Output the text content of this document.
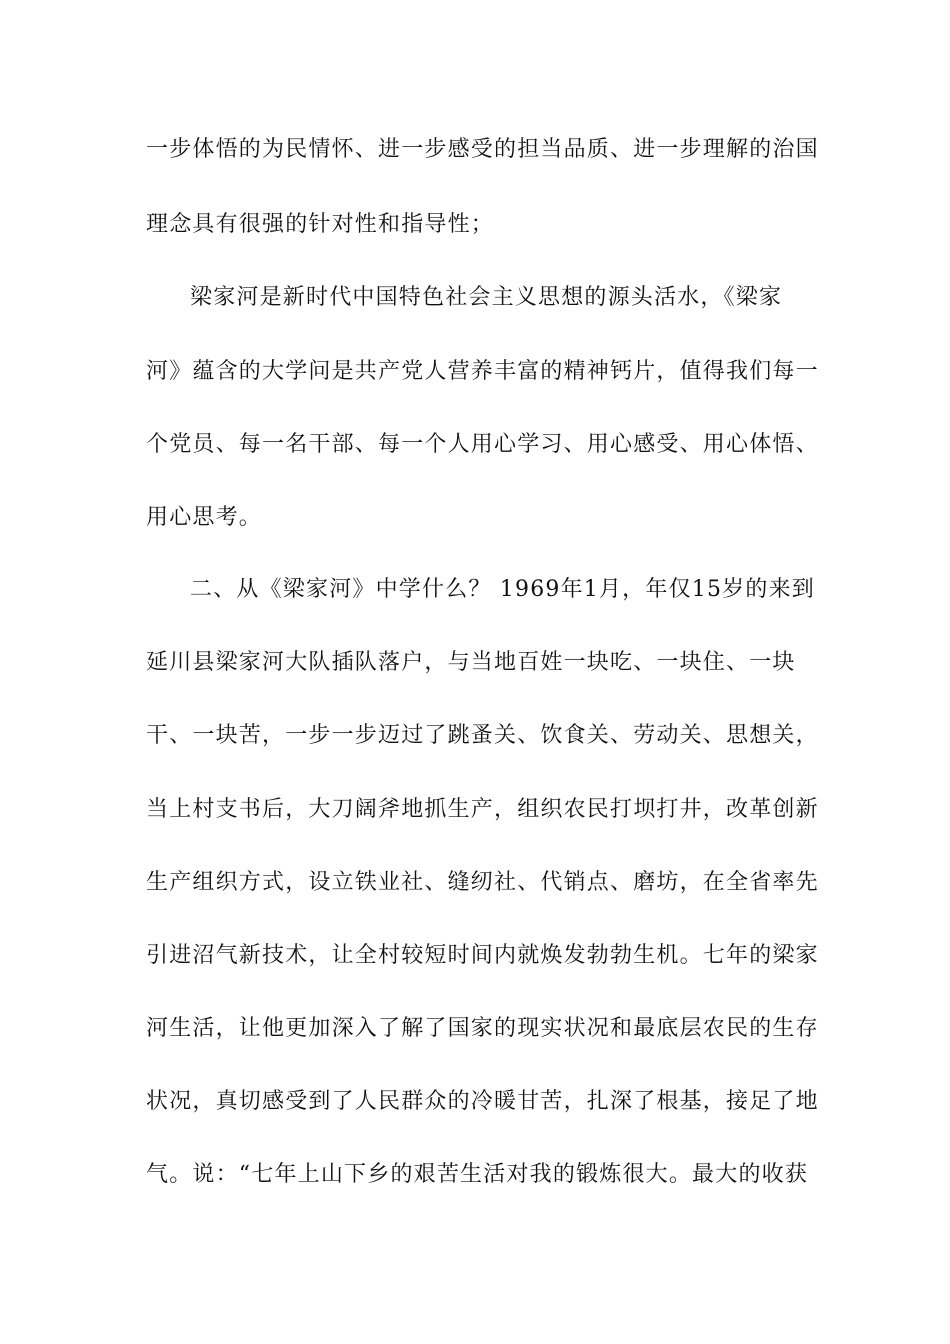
一步体悟的为民情怀、进一步感受的担当品质、进一步理解的治国
理念具有很强的针对性和指导性；
梁家河是新时代中国特色社会主义思想的源头活水，《梁家
河》蕴含的大学问是共产党人营养丰富的精神钙片，值得我们每一
个党员、每一名干部、每一个人用心学习、用心感受、用心体悟、
用心思考。
二、从《梁家河》中学什么？ 1969年1月，年仅15岁的来到
延川县梁家河大队插队落户，与当地百姓一块吃、一块住、一块
干、一块苦，一步一步迈过了跳蚤关、饮食关、劳动关、思想关，
当上村支书后，大刀阔斧地抓生产，组织农民打坝打井，改革创新
生产组织方式，设立铁业社、缝纫社、代销点、磨坊，在全省率先
引进沼气新技术，让全村较短时间内就焕发勃勃生机。七年的梁家
河生活，让他更加深入了解了国家的现实状况和最底层农民的生存
状况，真切感受到了人民群众的冷暖甘苦，扎深了根基，接足了地
气。说：“七年上山下乡的艰苦生活对我的锻炼很大。最大的收获
